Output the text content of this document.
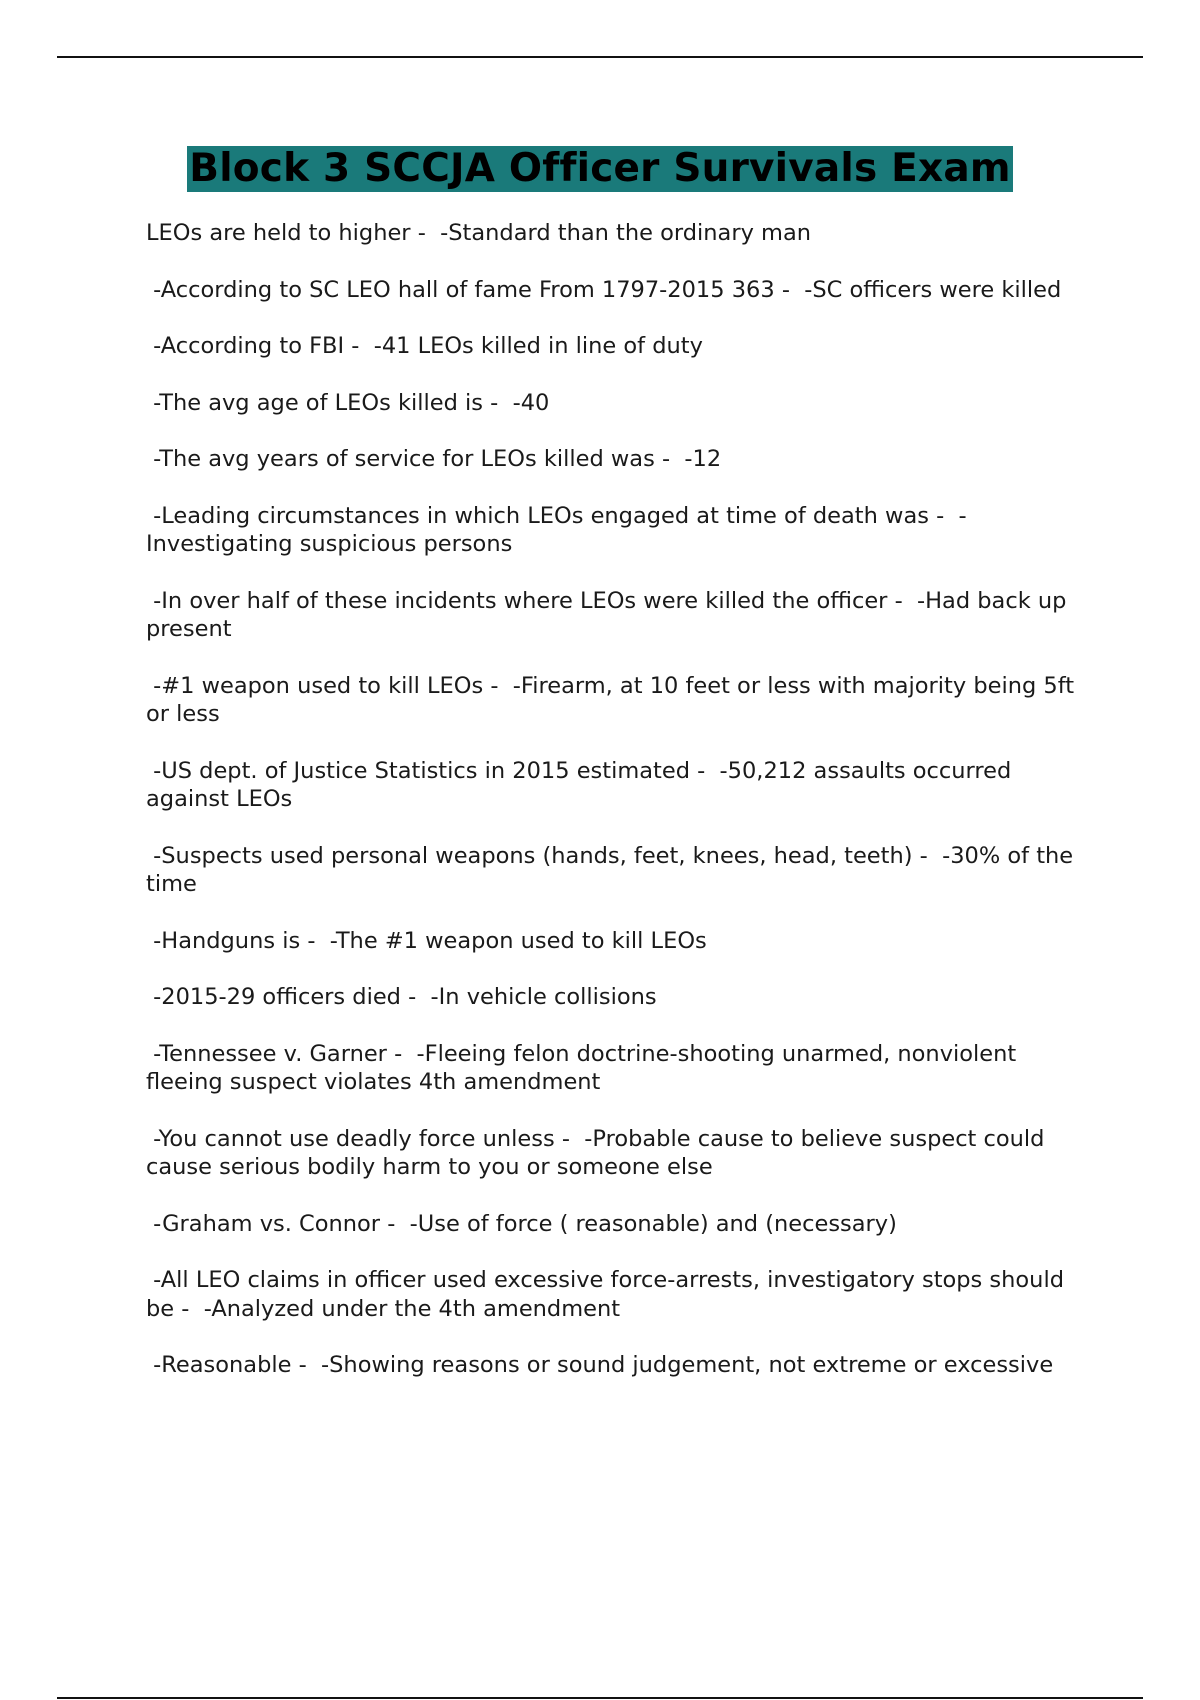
Block 3 SCCJA Officer Survivals Exam
LEOs are held to higher -  -Standard than the ordinary man
-According to SC LEO hall of fame From 1797-2015 363 -  -SC officers were killed
-According to FBI -  -41 LEOs killed in line of duty
-The avg age of LEOs killed is -  -40
-The avg years of service for LEOs killed was -  -12
-Leading circumstances in which LEOs engaged at time of death was -  -Investigating suspicious persons
-In over half of these incidents where LEOs were killed the officer -  -Had back up present
-#1 weapon used to kill LEOs -  -Firearm, at 10 feet or less with majority being 5ft or less
-US dept. of Justice Statistics in 2015 estimated -  -50,212 assaults occurred against LEOs
-Suspects used personal weapons (hands, feet, knees, head, teeth) -  -30% of the time
-Handguns is -  -The #1 weapon used to kill LEOs
-2015-29 officers died -  -In vehicle collisions
-Tennessee v. Garner -  -Fleeing felon doctrine-shooting unarmed, nonviolent fleeing suspect violates 4th amendment
-You cannot use deadly force unless -  -Probable cause to believe suspect could cause serious bodily harm to you or someone else
-Graham vs. Connor -  -Use of force ( reasonable) and (necessary)
-All LEO claims in officer used excessive force-arrests, investigatory stops should be -  -Analyzed under the 4th amendment
-Reasonable -  -Showing reasons or sound judgement, not extreme or excessive
